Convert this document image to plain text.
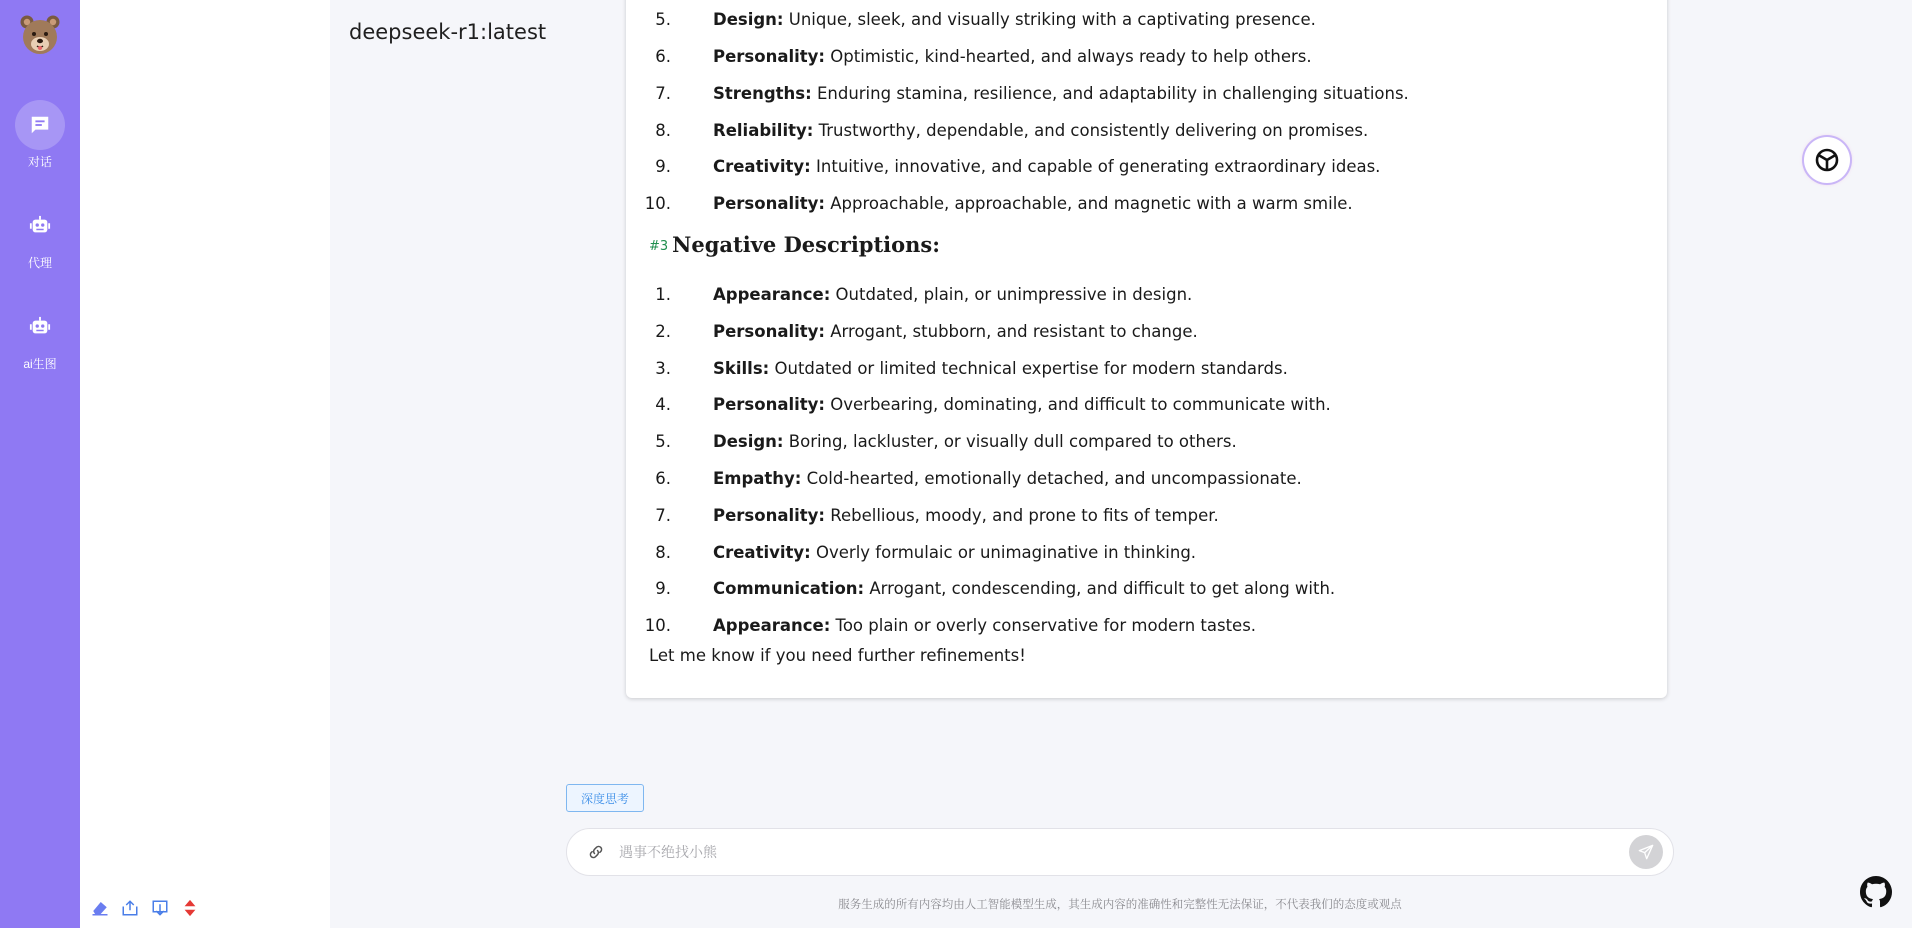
对话
代理
ai生图
deepseek-r1:latest
5.	Design: Unique, sleek, and visually striking with a captivating presence.
6.	Personality: Optimistic, kind-hearted, and always ready to help others.
7.	Strengths: Enduring stamina, resilience, and adaptability in challenging situations.
8.	Reliability: Trustworthy, dependable, and consistently delivering on promises.
9.	Creativity: Intuitive, innovative, and capable of generating extraordinary ideas.
10.	Personality: Approachable, approachable, and magnetic with a warm smile.
#3 Negative Descriptions:
1.	Appearance: Outdated, plain, or unimpressive in design.
2.	Personality: Arrogant, stubborn, and resistant to change.
3.	Skills: Outdated or limited technical expertise for modern standards.
4.	Personality: Overbearing, dominating, and difficult to communicate with.
5.	Design: Boring, lackluster, or visually dull compared to others.
6.	Empathy: Cold-hearted, emotionally detached, and uncompassionate.
7.	Personality: Rebellious, moody, and prone to fits of temper.
8.	Creativity: Overly formulaic or unimaginative in thinking.
9.	Communication: Arrogant, condescending, and difficult to get along with.
10.	Appearance: Too plain or overly conservative for modern tastes.
Let me know if you need further refinements!
深度思考
遇事不绝找小熊
服务生成的所有内容均由人工智能模型生成，其生成内容的准确性和完整性无法保证，不代表我们的态度或观点
